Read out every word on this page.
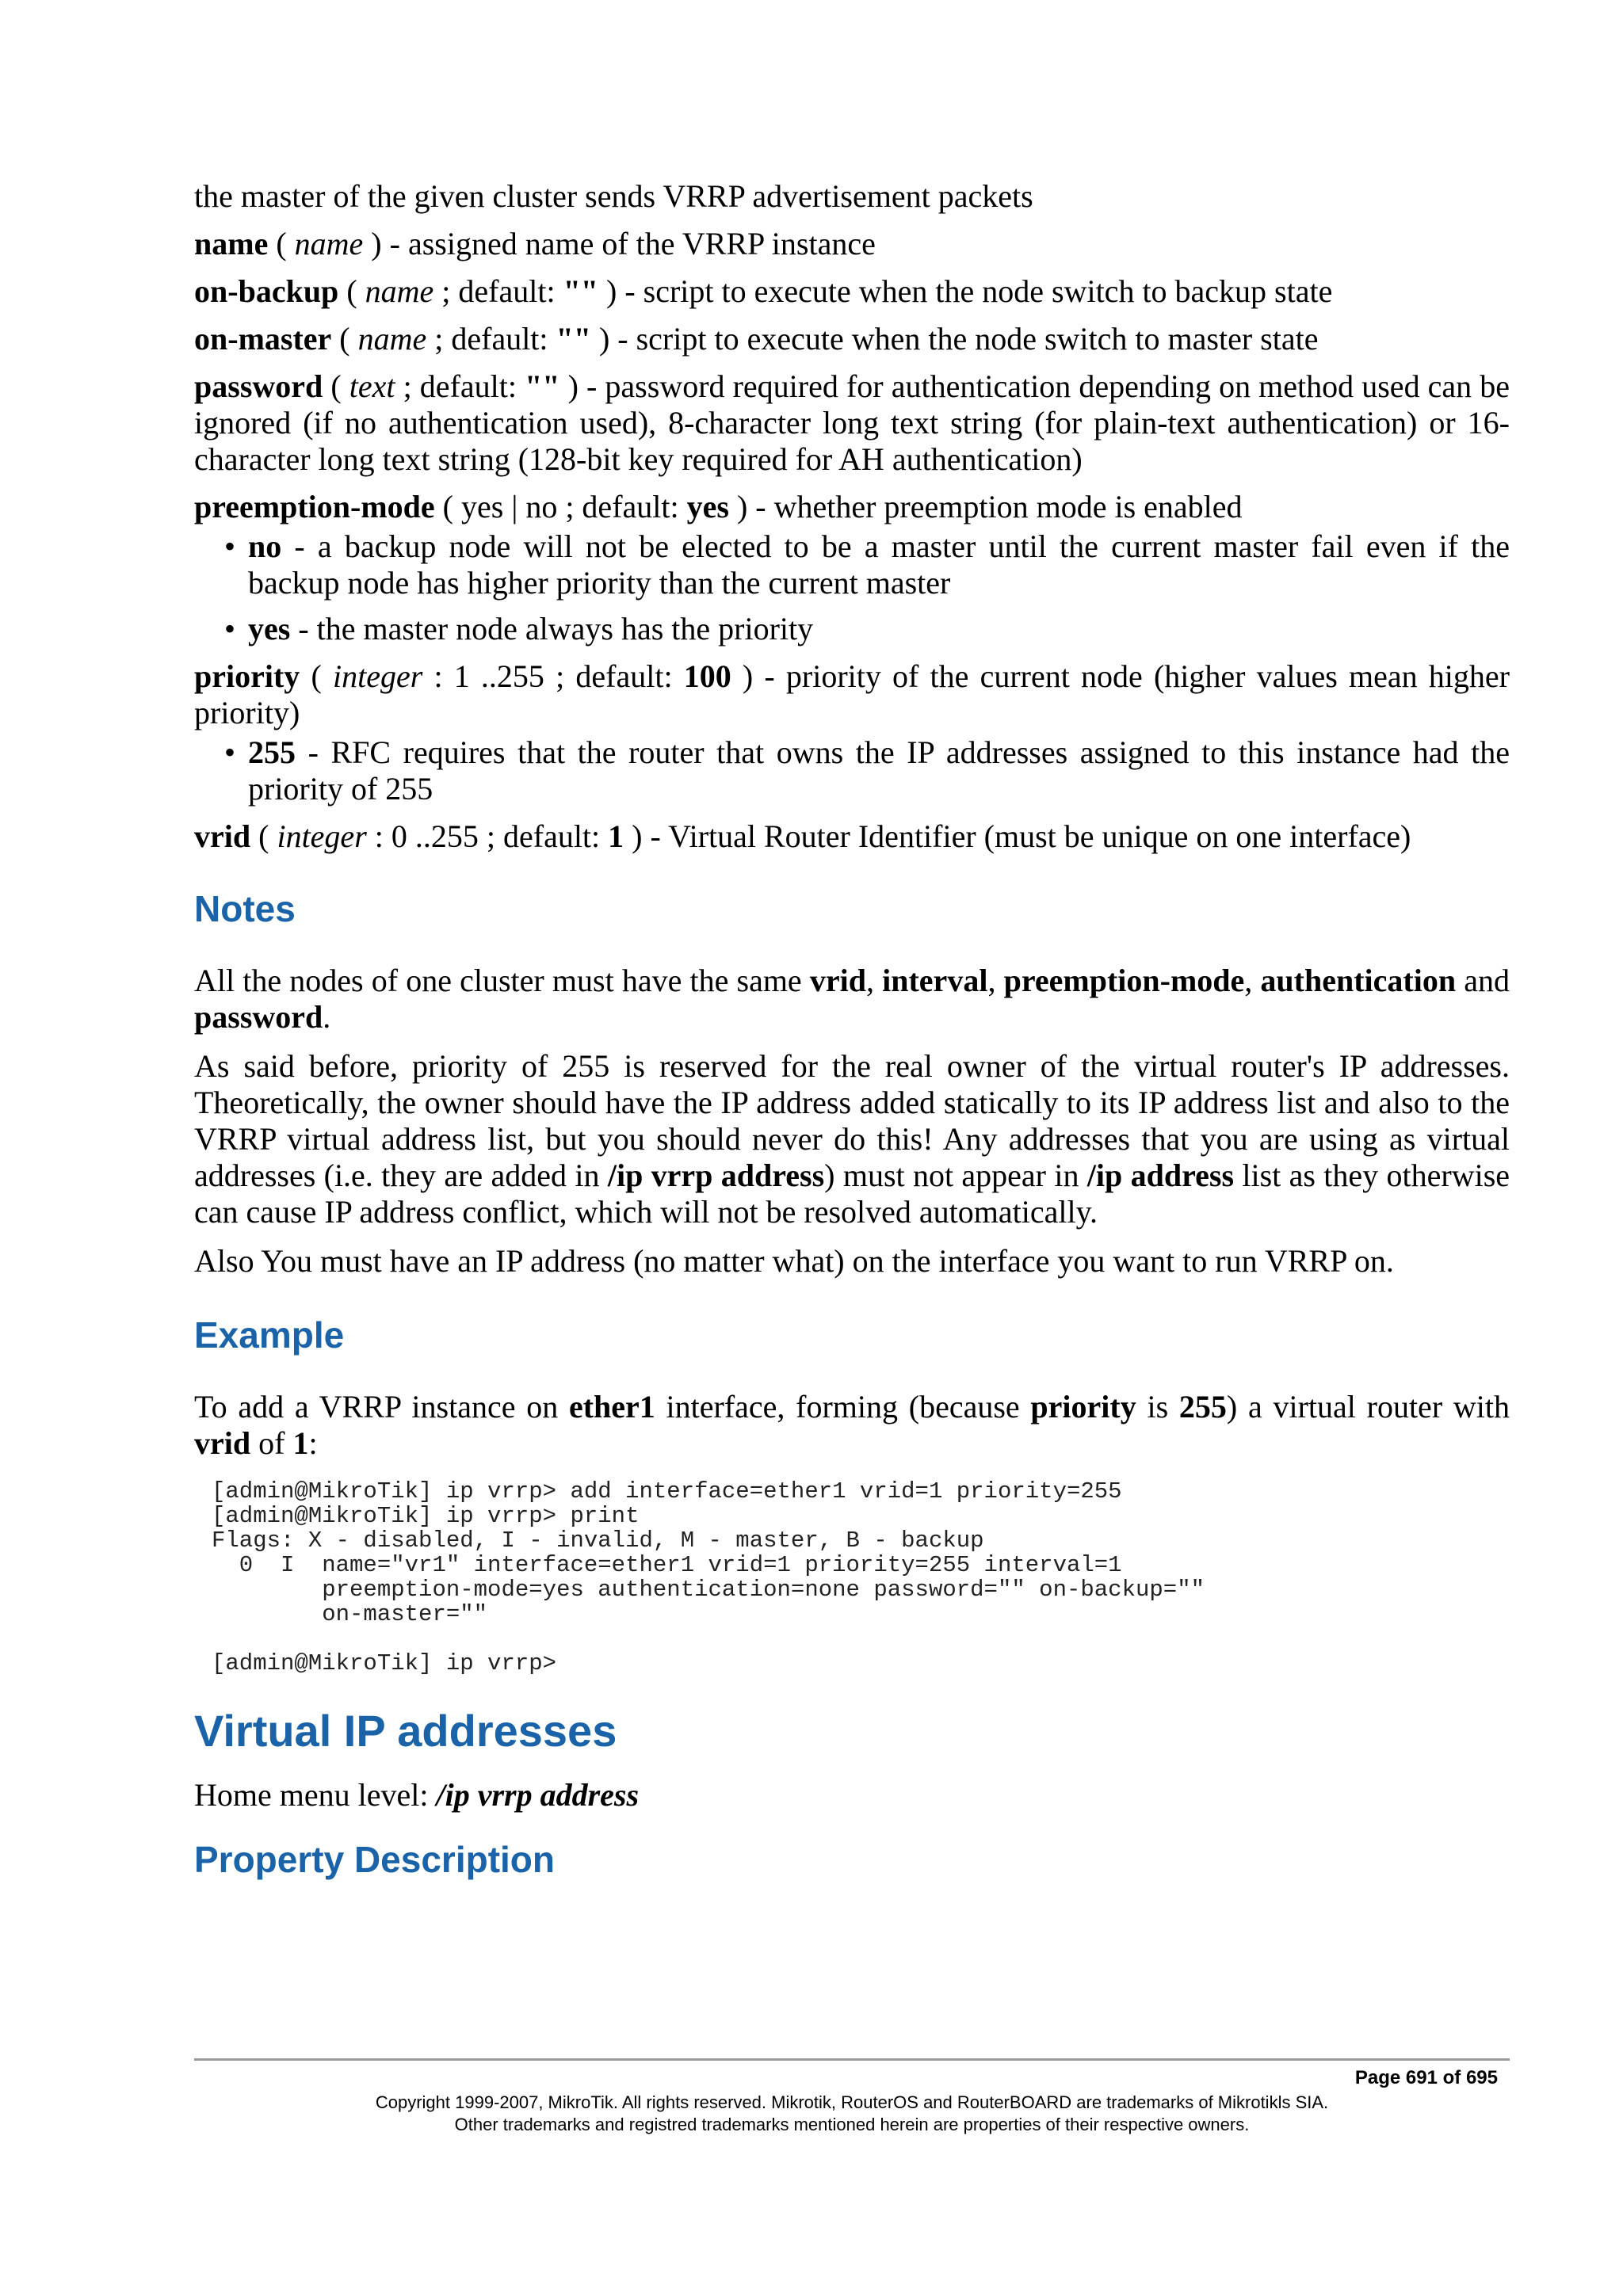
the master of the given cluster sends VRRP advertisement packets

name ( name ) - assigned name of the VRRP instance

on-backup ( name ; default: "" ) - script to execute when the node switch to backup state

on-master ( name ; default: "" ) - script to execute when the node switch to master state

password ( text ; default: "" ) - password required for authentication depending on method used can be ignored (if no authentication used), 8-character long text string (for plain-text authentication) or 16-character long text string (128-bit key required for AH authentication)

preemption-mode ( yes | no ; default: yes ) - whether preemption mode is enabled

• no - a backup node will not be elected to be a master until the current master fail even if the backup node has higher priority than the current master
• yes - the master node always has the priority

priority ( integer : 1 ..255 ; default: 100 ) - priority of the current node (higher values mean higher priority)

• 255 - RFC requires that the router that owns the IP addresses assigned to this instance had the priority of 255

vrid ( integer : 0 ..255 ; default: 1 ) - Virtual Router Identifier (must be unique on one interface)

Notes

All the nodes of one cluster must have the same vrid, interval, preemption-mode, authentication and password.

As said before, priority of 255 is reserved for the real owner of the virtual router's IP addresses. Theoretically, the owner should have the IP address added statically to its IP address list and also to the VRRP virtual address list, but you should never do this! Any addresses that you are using as virtual addresses (i.e. they are added in /ip vrrp address) must not appear in /ip address list as they otherwise can cause IP address conflict, which will not be resolved automatically.

Also You must have an IP address (no matter what) on the interface you want to run VRRP on.

Example

To add a VRRP instance on ether1 interface, forming (because priority is 255) a virtual router with vrid of 1:

[admin@MikroTik] ip vrrp> add interface=ether1 vrid=1 priority=255
[admin@MikroTik] ip vrrp> print
Flags: X - disabled, I - invalid, M - master, B - backup
0  I  name="vr1" interface=ether1 vrid=1 priority=255 interval=1
preemption-mode=yes authentication=none password="" on-backup=""
on-master=""

[admin@MikroTik] ip vrrp>
Virtual IP addresses

Home menu level: /ip vrrp address

Property Description
Page 691 of 695
Copyright 1999-2007, MikroTik. All rights reserved. Mikrotik, RouterOS and RouterBOARD are trademarks of Mikrotikls SIA.
Other trademarks and registred trademarks mentioned herein are properties of their respective owners.
